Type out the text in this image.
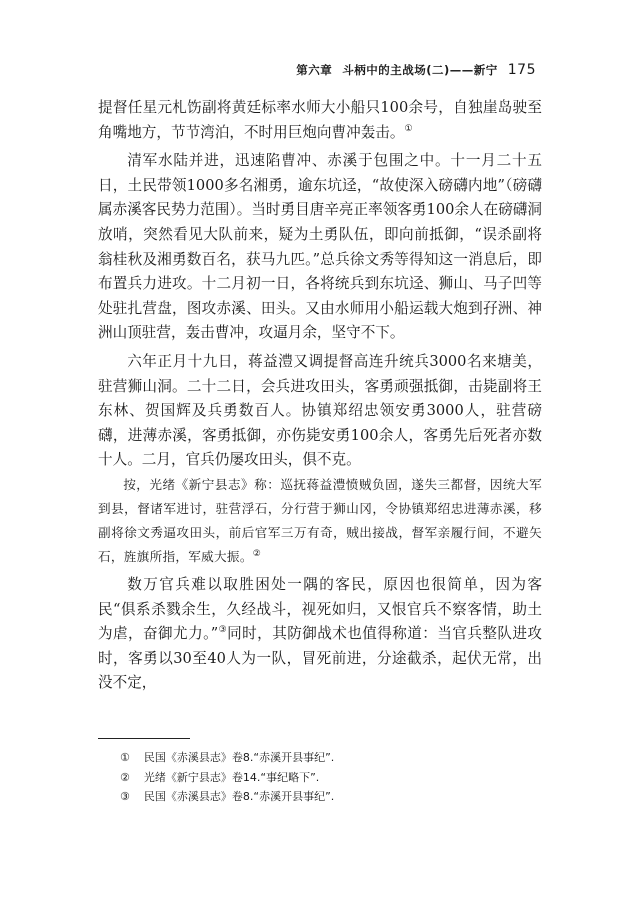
第六章 斗柄中的主战场(二)——新宁 175

提督任星元札饬副将黄廷标率水师大小船只100余号，自独崖岛驶至角嘴地方，节节湾泊，不时用巨炮向曹冲轰击。①

清军水陆并进，迅速陷曹冲、赤溪于包围之中。十一月二十五日，土民带领1000多名湘勇，逾东坑迳，“故使深入磅礴内地”（磅礴属赤溪客民势力范围）。当时勇目唐辛亮正率领客勇100余人在磅礴洞放哨，突然看见大队前来，疑为土勇队伍，即向前抵御，“误杀副将翁桂秋及湘勇数百名，获马九匹。”总兵徐文秀等得知这一消息后，即布置兵力进攻。十二月初一日，各将统兵到东坑迳、狮山、马子凹等处驻扎营盘，图攻赤溪、田头。又由水师用小船运载大炮到孖洲、神洲山顶驻营，轰击曹冲，攻逼月余，坚守不下。

六年正月十九日，蒋益澧又调提督高连升统兵3000名来塘美，驻营狮山洞。二十二日，会兵进攻田头，客勇顽强抵御，击毙副将王东林、贺国辉及兵勇数百人。协镇郑绍忠领安勇3000人，驻营磅礴，进薄赤溪，客勇抵御，亦伤毙安勇100余人，客勇先后死者亦数十人。二月，官兵仍屡攻田头，俱不克。

按，光绪《新宁县志》称：巡抚蒋益澧愤贼负固，遂失三都督，因统大军到县，督诸军进讨，驻营浮石，分行营于狮山冈，令协镇郑绍忠进薄赤溪，移副将徐文秀逼攻田头，前后官军三万有奇，贼出接战，督军亲履行间，不避矢石，旌旗所指，军威大振。②

数万官兵难以取胜困处一隅的客民，原因也很简单，因为客民“俱系杀戮余生，久经战斗，视死如归，又恨官兵不察客情，助土为虐，奋御尤力。”③同时，其防御战术也值得称道：当官兵整队进攻时，客勇以30至40人为一队，冒死前进，分途截杀，起伏无常，出没不定，

① 民国《赤溪县志》卷8.“赤溪开县事纪”.
② 光绪《新宁县志》卷14.“事纪略下”.
③ 民国《赤溪县志》卷8.“赤溪开县事纪”.
